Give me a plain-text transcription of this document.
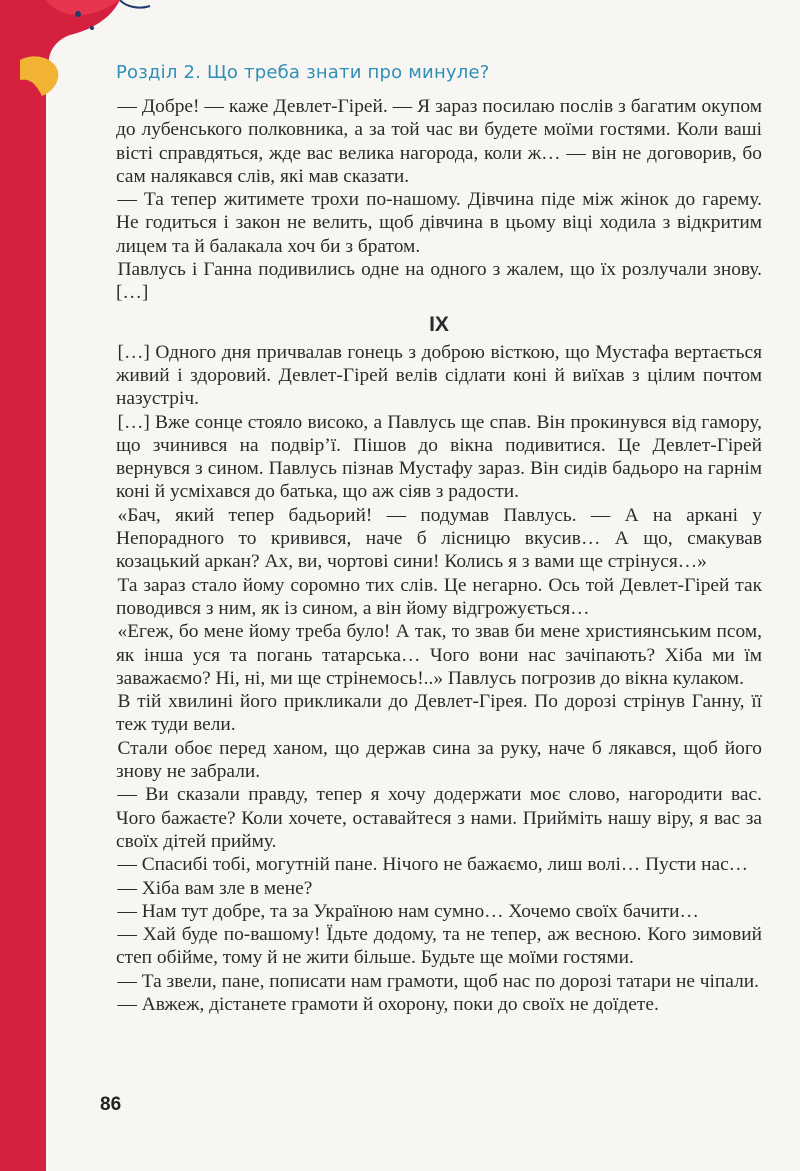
Розділ 2. Що треба знати про минуле?

— Добре! — каже Девлет-Гірей. — Я зараз посилаю послів з багатим окупом до лубенського полковника, а за той час ви будете моїми гостями. Коли ваші вісті справдяться, жде вас велика нагорода, коли ж… — він не договорив, бо сам налякався слів, які мав сказати.

— Та тепер житимете трохи по-нашому. Дівчина піде між жінок до гарему. Не годиться і закон не велить, щоб дівчина в цьому віці ходила з відкритим лицем та й балакала хоч би з братом.

Павлусь і Ганна подивились одне на одного з жалем, що їх розлучали знову. […]

IX

[…] Одного дня причвалав гонець з доброю вісткою, що Мустафа вертається живий і здоровий. Девлет-Гірей велів сідлати коні й виїхав з цілим почтом назустріч.

[…] Вже сонце стояло високо, а Павлусь ще спав. Він прокинувся від гамору, що зчинився на подвір’ї. Пішов до вікна подивитися. Це Девлет-Гірей вернувся з сином. Павлусь пізнав Мустафу зараз. Він сидів бадьоро на гарнім коні й усміхався до батька, що аж сіяв з радости.

«Бач, який тепер бадьорий! — подумав Павлусь. — А на аркані у Непорадного то кривився, наче б лісницю вкусив… А що, смакував козацький аркан? Ах, ви, чортові сини! Колись я з вами ще стрінуся…»

Та зараз стало йому соромно тих слів. Це негарно. Ось той Девлет-Гірей так поводився з ним, як із сином, а він йому відгрожується…

«Егеж, бо мене йому треба було! А так, то звав би мене християнським псом, як інша уся та погань татарська… Чого вони нас зачіпають? Хіба ми їм заважаємо? Ні, ні, ми ще стрінемось!..» Павлусь погрозив до вікна кулаком.

В тій хвилині його прикликали до Девлет-Гірея. По дорозі стрінув Ганну, її теж туди вели.

Стали обоє перед ханом, що держав сина за руку, наче б лякався, щоб його знову не забрали.

— Ви сказали правду, тепер я хочу додержати моє слово, нагородити вас. Чого бажаєте? Коли хочете, оставайтеся з нами. Прийміть нашу віру, я вас за своїх дітей прийму.

— Спасибі тобі, могутній пане. Нічого не бажаємо, лиш волі… Пусти нас…

— Хіба вам зле в мене?

— Нам тут добре, та за Україною нам сумно… Хочемо своїх бачити…

— Хай буде по-вашому! Їдьте додому, та не тепер, аж весною. Кого зимовий степ обійме, тому й не жити більше. Будьте ще моїми гостями.

— Та звели, пане, пописати нам грамоти, щоб нас по дорозі татари не чіпали.

— Авжеж, дістанете грамоти й охорону, поки до своїх не доїдете.

86
